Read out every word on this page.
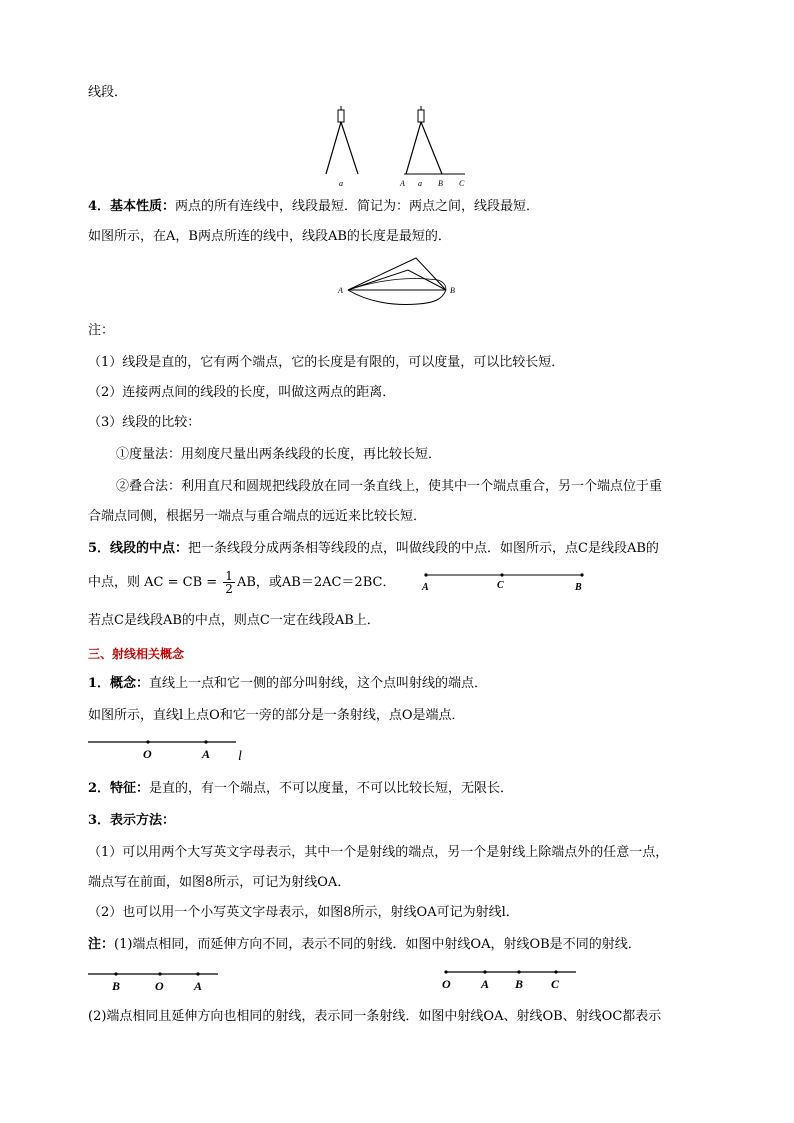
线段．
a	A a B C
4．基本性质：两点的所有连线中，线段最短．简记为：两点之间，线段最短．
如图所示，在A，B两点所连的线中，线段AB的长度是最短的．
A	B
注：
（1）线段是直的，它有两个端点，它的长度是有限的，可以度量，可以比较长短．
（2）连接两点间的线段的长度，叫做这两点的距离．
（3）线段的比较：
①度量法：用刻度尺量出两条线段的长度，再比较长短．
②叠合法：利用直尺和圆规把线段放在同一条直线上，使其中一个端点重合，另一个端点位于重
合端点同侧，根据另一端点与重合端点的远近来比较长短．
5．线段的中点：把一条线段分成两条相等线段的点，叫做线段的中点．如图所示，点C是线段AB的
中点，则 AC = CB = $\frac{1}{2}$ AB，或AB＝2AC＝2BC．	A	C	B
若点C是线段AB的中点，则点C一定在线段AB上．
三、射线相关概念
1．概念：直线上一点和它一侧的部分叫射线，这个点叫射线的端点．
如图所示，直线l上点O和它一旁的部分是一条射线，点O是端点．
O	A l
2．特征：是直的，有一个端点，不可以度量，不可以比较长短，无限长．
3．表示方法：
（1）可以用两个大写英文字母表示，其中一个是射线的端点，另一个是射线上除端点外的任意一点，
端点写在前面，如图8所示，可记为射线OA．
（2）也可以用一个小写英文字母表示，如图8所示，射线OA可记为射线l．
注：(1)端点相同，而延伸方向不同，表示不同的射线．如图中射线OA，射线OB是不同的射线．
B	O	A	O	A B C
(2)端点相同且延伸方向也相同的射线，表示同一条射线．如图中射线OA、射线OB、射线OC都表示
